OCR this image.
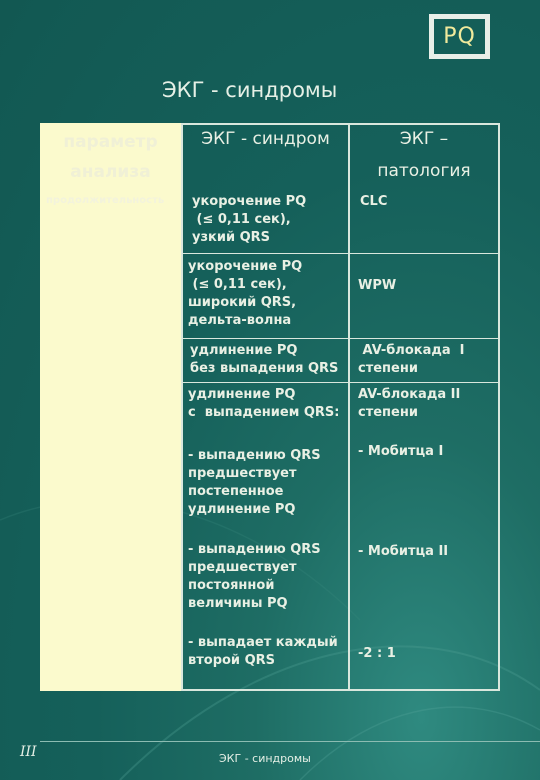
PQ
ЭКГ - синдромы
параметр анализа
продолжительность
ЭКГ - синдром	ЭКГ – патология
укорочение PQ
(≤ 0,11 сек),
узкий QRS
укорочение PQ
(≤ 0,11 сек),
широкий QRS,
дельта-волна
удлинение PQ
без выпадения QRS
удлинение PQ
с  выпадением QRS:
- выпадению QRS
предшествует
постепенное
удлинение PQ
- выпадению QRS
предшествует
постоянной
величины PQ
- выпадает каждый
второй QRS
CLC
WPW
AV-блокада  I
степени
AV-блокада II
степени
- Мобитца I
- Мобитца II
-2 : 1
III	ЭКГ - синдромы
